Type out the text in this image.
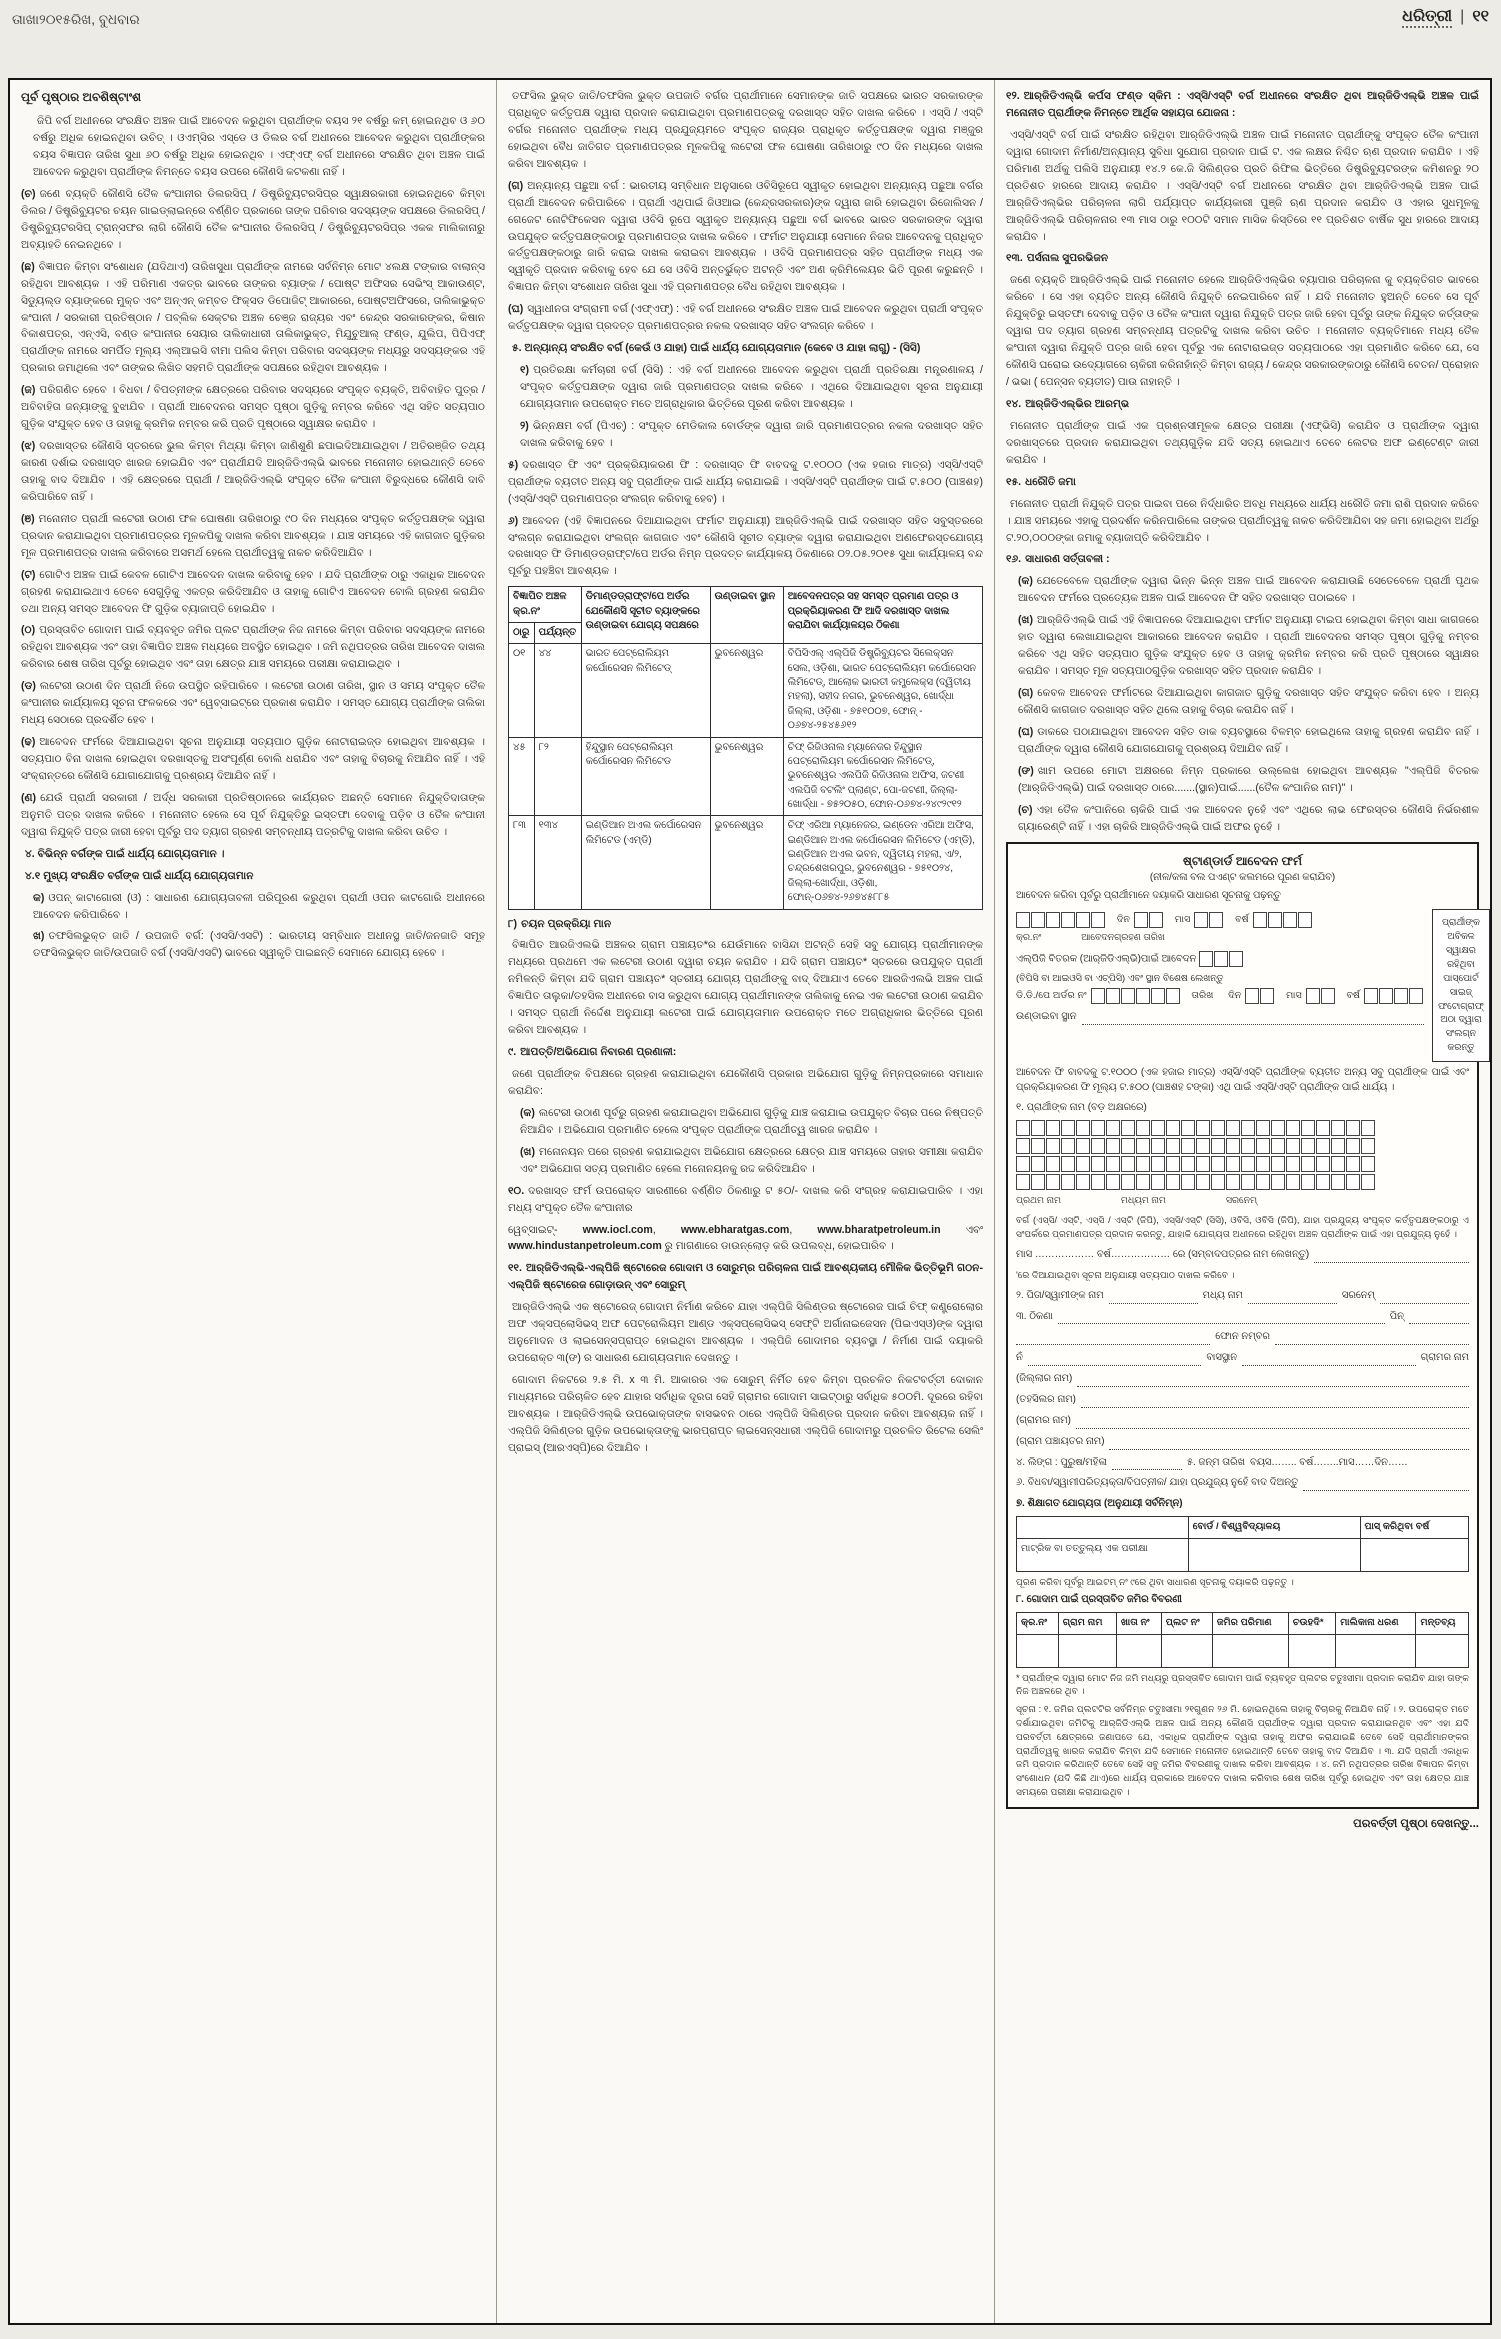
ତା୲ଖ୲୨୦୧୫ରିଖ, ବୁଧବାର	ଧରିତ୍ରୀ | ୧୧
ପୂର୍ବ ପୃଷ୍ଠାର ଅବଶିଷ୍ଟାଂଶ
ଜିପି ବର୍ଗ ଅଧୀନରେ ସଂରକ୍ଷିତ ଅଞ୍ଚଳ ପାଇଁ ଆବେଦନ କରୁଥିବା ପ୍ରାର୍ଥୀଙ୍କ ବୟସ ୨୧ ବର୍ଷରୁ କମ୍ ହୋଇନଥିବ ଓ ୬୦ ବର୍ଷରୁ ଅଧିକ ହୋଇନଥିବା ଉଚିତ୍ । ଓଏମ୍‌ସିର ଏସ୍‌ଡେ ଓ ଡିଲର ବର୍ଗ ଅଧୀନରେ ଆବେଦନ କରୁଥିବା ପ୍ରାର୍ଥୀଙ୍କର ବୟସ ବିଜ୍ଞାପନ ତାରିଖ ସୁଧା ୬୦ ବର୍ଷରୁ ଅଧିକ ହୋଇନଥିବ । ଏଫ୍‌ଏଫ୍ ବର୍ଗ ଅଧୀନରେ ସଂରକ୍ଷିତ ଥିବା ଅଞ୍ଚଳ ପାଇଁ ଆବେଦନ କରୁଥିବା ପ୍ରାର୍ଥୀଙ୍କ ନିମନ୍ତେ ବୟସ ଉପରେ କୌଣସି କଟକଣା ନାହିଁ ।
(ଚ) ଜଣେ ବ୍ୟକ୍ତି କୌଣସି ତୈଳ କଂପାନୀର ଡିଲରସିପ୍ / ଡିଷ୍ଟ୍ରିବ୍ୟୁଟରସିପ୍‌ର ସ୍ୱାକ୍ଷରକାରୀ ହୋଇନଥିବେ କିମ୍ବା ଡିଲର / ଡିଷ୍ଟ୍ରିବ୍ୟୁଟର ଚୟନ ଗାଇଡ୍‌ଲାଇନ୍‌ରେ ବର୍ଣ୍ଣିତ ପ୍ରକାରେ ତାଙ୍କ ପରିବାର ସଦସ୍ୟଙ୍କ ସପକ୍ଷରେ ଡିଲରସିପ୍ / ଡିଷ୍ଟ୍ରିବ୍ୟୁଟରସିପ୍ ଟ୍ରାନ୍ସଫର ଲାଗି କୌଣସି ତୈଳ କଂପାନୀର ଡିଲରସିପ୍ / ଡିଷ୍ଟ୍ରିବ୍ୟୁଟରସିପ୍‌ର ଏକକ ମାଲିକାନାରୁ ଅବ୍ୟାହତି ନେଇନଥିବେ ।
(ଛ) ବିଜ୍ଞାପନ କିମ୍ବା ସଂଶୋଧନ (ଯଦିଥାଏ) ତାରିଖସୁଧା ପ୍ରାର୍ଥୀଙ୍କ ନାମରେ ସର୍ବନିମ୍ନ ମୋଟ ୪ଲକ୍ଷ ଟଙ୍କାର ବାଲାନ୍ସ ରହିଥିବା ଆବଶ୍ୟକ । ଏହି ପରିମାଣ ଏକତ୍ର ଭାବରେ ତାଙ୍କର ବ୍ୟାଙ୍କ / ପୋଷ୍ଟ ଅଫିସର ସେଭିଂସ୍ ଆକାଉଣ୍ଟ, ସିଡ୍ୟୁଲ୍ଡ ବ୍ୟାଙ୍କରେ ମୁକ୍ତ ଏବଂ ଅନ୍‌ଏନ୍ କମ୍ବତ ଫିକ୍ସଡ ଡିପୋଜିଟ୍ ଆକାରରେ, ପୋଷ୍ଟଅଫିସରେ, ତାଲିକାଭୁକ୍ତ କଂପାନୀ / ସରକାରୀ ପ୍ରତିଷ୍ଠାନ / ପବ୍ଲିକ ସେକ୍ଟର ଅଞ୍ଚଳ ଚେଞ୍ଜ ରାଜ୍ୟର ଏବଂ କେନ୍ଦ୍ର ସରକାରଙ୍କର, କିଷାନ ବିକାଶପତ୍ର, ଏନ୍‌ଏସି, ବଣ୍ଡ କଂପାନୀର ସେୟାର ତାଲିକାଧାରୀ ତାଲିକାଭୁକ୍ତ, ମିଯୁଚୁଆଲ୍ ଫଣ୍ଡ, ଯୁଲିପ, ପିପିଏଫ୍ ପ୍ରାର୍ଥୀଙ୍କ ନାମରେ ସମର୍ପିତ ମୂଲ୍ୟ ଏଲ୍‌ଆଇସି ବୀମା ପଲିସ କିମ୍ବା ପରିବାର ସଦସ୍ୟଙ୍କ ମଧ୍ୟରୁ ସଦସ୍ୟଙ୍କର ଏହି ପ୍ରକାର ଜମାଥିଲେ ଏବଂ ତାଙ୍କର ଲିଖିତ ସହମତି ପ୍ରାର୍ଥୀଙ୍କ ସପକ୍ଷରେ ରହିଥିବା ଆବଶ୍ୟକ ।
(ଜ) ପରିଗଣିତ ହେବେ । ବିଧବା / ବିପତ୍ନୀଙ୍କ କ୍ଷେତ୍ରରେ ପରିବାର ସଦସ୍ୟରେ ସଂପୃକ୍ତ ବ୍ୟକ୍ତି, ଅବିବାହିତ ପୁତ୍ର / ଅବିବାହିତା ଜନ୍ୟାଙ୍କୁ ବୁଝାଯିବ । ପ୍ରାର୍ଥୀ ଆବେଦନର ସମସ୍ତ ପୃଷ୍ଠା ଗୁଡ଼ିକୁ ନମ୍ବର କରିବେ ଏଥି ସହିତ ସତ୍ୟପାଠ ଗୁଡ଼ିକ ସଂଯୁକ୍ତ ହେବ ଓ ତାହାକୁ କ୍ରମିକ ନମ୍ବର କରି ପ୍ରତି ପୃଷ୍ଠାରେ ସ୍ୱାକ୍ଷର କରାଯିବ ।
(ଝ) ଦରଖାସ୍ତର କୌଣସି ସ୍ତରରେ ଭୁଲ କିମ୍ବା ମିଥ୍ୟା କିମ୍ବା ଜାଣିଶୁଣି ଛପାଇଦିଆଯାଇଥିବା / ଅତିରଞ୍ଜିତ ତଥ୍ୟ କାରଣ ଦର୍ଶାଇ ଦରଖାସ୍ତ ଖାରଜ ହୋଇଯିବ ଏବଂ ପ୍ରାର୍ଥୀଯଦି ଆର୍‌ଜିଡିଏଲ୍ଭି ଭାବରେ ମନୋନୀତ ହୋଇଥାନ୍ତି ତେବେ ତାହାକୁ ବାଦ ଦିଆଯିବ । ଏହି କ୍ଷେତ୍ରରେ ପ୍ରାର୍ଥୀ / ଆର୍‌ଜିଡିଏଲ୍ଭି ସଂପୃକ୍ତ ତୈଳ କଂପାନୀ ବିରୁଦ୍ଧରେ କୌଣସି ଦାବି କରିପାରିବେ ନାହିଁ ।
(ଞ) ମନୋନୀତ ପ୍ରାର୍ଥୀ ଲଟେରୀ ଉଠାଣ ଫଳ ଘୋଷଣା ତାରିଖଠାରୁ ୯୦ ଦିନ ମଧ୍ୟରେ ସଂପୃକ୍ତ କର୍ତ୍ତୃପକ୍ଷଙ୍କ ଦ୍ୱାରା ପ୍ରଦାନ କରାଯାଇଥିବା ପ୍ରମାଣପତ୍ରର ମୂଳକପିକୁ ଦାଖଲ କରିବା ଆବଶ୍ୟକ । ଯାଞ୍ଚ ସମୟରେ ଏହି କାଗଜାତ ଗୁଡ଼ିକର ମୂଳ ପ୍ରମାଣପତ୍ର ଦାଖଲ କରିବାରେ ଅସମର୍ଥ ହେଲେ ପ୍ରାର୍ଥୀତ୍ୱକୁ ନାକଚ କରିଦିଆଯିବ ।
(ଟ) ଗୋଟିଏ ଅଞ୍ଚଳ ପାଇଁ କେବଳ ଗୋଟିଏ ଆବେଦନ ଦାଖଲ କରିବାକୁ ହେବ । ଯଦି ପ୍ରାର୍ଥୀଙ୍କ ଠାରୁ ଏକାଧିକ ଆବେଦନ ଗ୍ରହଣ କରାଯାଇଥାଏ ତେବେ ସେଗୁଡ଼ିକୁ ଏକତ୍ର କରିଦିଆଯିବ ଓ ତାହାକୁ ଗୋଟିଏ ଆବେଦନ ବୋଲି ଗ୍ରହଣ କରାଯିବ ତଥା ଅନ୍ୟ ସମସ୍ତ ଆବେଦନ ଫି ଗୁଡ଼ିକ ବ୍ୟାଜାପ୍ତି ହୋଇଯିବ ।
(ଠ) ପ୍ରସ୍ତାବିତ ଗୋଦାମ ପାଇଁ ବ୍ୟବହୃତ ଜମିର ପ୍ଲଟ ପ୍ରାର୍ଥୀଙ୍କ ନିଜ ନାମରେ କିମ୍ବା ପରିବାର ସଦସ୍ୟଙ୍କ ନାମରେ ରହିଥିବା ଆବଶ୍ୟକ ଏବଂ ତାହା ବିଜ୍ଞାପିତ ଅଞ୍ଚଳ ମଧ୍ୟରେ ଅବସ୍ଥିତ ହୋଇଥିବ । ଜମି ନଥିପତ୍ରର ତାରିଖ ଆବେଦନ ଦାଖଲ କରିବାର ଶେଷ ତାରିଖ ପୂର୍ବରୁ ହୋଇଥିବ ଏବଂ ତାହା କ୍ଷେତ୍ର ଯାଞ୍ଚ ସମୟରେ ପରୀକ୍ଷା କରାଯାଇଥିବ ।
(ଡ) ଲଟେରୀ ଉଠାଣ ଦିନ ପ୍ରାର୍ଥୀ ନିଜେ ଉପସ୍ଥିତ ରହିପାରିବେ । ଲଟେରୀ ଉଠାଣ ତାରିଖ, ସ୍ଥାନ ଓ ସମୟ ସଂପୃକ୍ତ ତୈଳ କଂପାନୀର କାର୍ଯ୍ୟାଳୟ ସୂଚନା ଫଳକରେ ଏବଂ ୱେବ୍‌ସାଇଟ୍‌ରେ ପ୍ରକାଶ କରାଯିବ । ସମସ୍ତ ଯୋଗ୍ୟ ପ୍ରାର୍ଥୀଙ୍କ ତାଲିକା ମଧ୍ୟ ସେଠାରେ ପ୍ରଦର୍ଶିତ ହେବ ।
(ଢ) ଆବେଦନ ଫର୍ମରେ ଦିଆଯାଇଥିବା ସୂଚନା ଅନୁଯାୟୀ ସତ୍ୟପାଠ ଗୁଡ଼ିକ ନୋଟାରାଇଜ୍ଡ ହୋଇଥିବା ଆବଶ୍ୟକ । ସତ୍ୟପାଠ ବିନା ଦାଖଲ ହୋଇଥିବା ଦରଖାସ୍ତକୁ ଅସଂପୂର୍ଣ୍ଣ ବୋଲି ଧରାଯିବ ଏବଂ ତାହାକୁ ବିଚାରକୁ ନିଆଯିବ ନାହିଁ । ଏହି ସଂକ୍ରାନ୍ତରେ କୌଣସି ଯୋଗାଯୋଗକୁ ପ୍ରଶ୍ରୟ ଦିଆଯିବ ନାହିଁ ।
(ଣ) ଯେଉଁ ପ୍ରାର୍ଥୀ ସରକାରୀ / ଅର୍ଦ୍ଧ ସରକାରୀ ପ୍ରତିଷ୍ଠାନରେ କାର୍ଯ୍ୟରତ ଅଛନ୍ତି ସେମାନେ ନିଯୁକ୍ତିଦାତାଙ୍କ ଅନୁମତି ପତ୍ର ଦାଖଲ କରିବେ । ମନୋନୀତ ହେଲେ ସେ ପୂର୍ବ ନିଯୁକ୍ତିରୁ ଇସ୍ତଫା ଦେବାକୁ ପଡ଼ିବ ଓ ତୈଳ କଂପାନୀ ଦ୍ୱାରା ନିଯୁକ୍ତି ପତ୍ର ଜାରୀ ହେବା ପୂର୍ବରୁ ପଦ ତ୍ୟାଗ ଗ୍ରହଣ ସମ୍ବନ୍ଧୀୟ ପତ୍ରଟିକୁ ଦାଖଲ କରିବା ଉଚିତ ।
୪. ବିଭିନ୍ନ ବର୍ଗଙ୍କ ପାଇଁ ଧାର୍ଯ୍ୟ ଯୋଗ୍ୟତାମାନ ।
୪.୧ ମୁଖ୍ୟ ସଂରକ୍ଷିତ ବର୍ଗଙ୍କ ପାଇଁ ଧାର୍ଯ୍ୟ ଯୋଗ୍ୟତାମାନ
କ) ଓପନ୍ କାଟାଗୋରୀ (ଓ) : ସାଧାରଣ ଯୋଗ୍ୟତାବଳୀ ପରିପୂରଣ କରୁଥିବା ପ୍ରାର୍ଥୀ ଓପନ କାଟଗୋରି ଅଧୀନରେ ଆବେଦନ କରିପାରିବେ ।
ଖ) ତଫସିଲଭୁକ୍ତ ଜାତି / ଉପଜାତି ବର୍ଗ: (ଏସସି/ଏସଟି) : ଭାରତୀୟ ସମ୍ବିଧାନ ଅଧୀନସ୍ଥ ଜାତି/ଜନଜାତି ସମୂହ ତଫସିଲଭୁକ୍ତ ଜାତି/ଉପଜାତି ବର୍ଗ (ଏସସି/ଏସଟି) ଭାବରେ ସ୍ୱୀକୃତି ପାଇଛନ୍ତି ସେମାନେ ଯୋଗ୍ୟ ହେବେ ।
ତଫସିଲ ଭୁକ୍ତ ଜାତି/ତଫସିଲ ଭୁକ୍ତ ଉପଜାତି ବର୍ଗର ପ୍ରାର୍ଥୀମାନେ ସେମାନଙ୍କ ଜାତି ସପକ୍ଷରେ ଭାରତ ସରକାରଙ୍କ ପ୍ରାଧିକୃତ କର୍ତ୍ତୃପକ୍ଷ ଦ୍ୱାରା ପ୍ରଦାନ କରାଯାଇଥିବା ପ୍ରମାଣପତ୍ରକୁ ଦରଖାସ୍ତ ସହିତ ଦାଖଲ କରିବେ । ଏସ୍ସି / ଏସ୍ଟି ବର୍ଗର ମନୋନୀତ ପ୍ରାର୍ଥୀଙ୍କ ମଧ୍ୟ ପ୍ରଯୁଜ୍ୟମତେ ସଂପୃକ୍ତ ରାଜ୍ୟର ପ୍ରାଧିକୃତ କର୍ତ୍ତୃପକ୍ଷଙ୍କ ଦ୍ୱାରା ମଞ୍ଜୁର ହୋଇଥିବା ବୈଧ ଜାତିଗତ ପ୍ରମାଣପତ୍ରର ମୂଳକପିକୁ ଲଟେରୀ ଫଳ ଘୋଷଣା ତାରିଖଠାରୁ ୯୦ ଦିନ ମଧ୍ୟରେ ଦାଖଲ କରିବା ଆବଶ୍ୟକ ।
(ଗ) ଅନ୍ୟାନ୍ୟ ପଛୁଆ ବର୍ଗ : ଭାରତୀୟ ସମ୍ବିଧାନ ଅନୁସାରେ ଓବିସିରୂପେ ସ୍ୱୀକୃତ ହୋଇଥିବା ଅନ୍ୟାନ୍ୟ ପଛୁଆ ବର୍ଗର ପ୍ରାର୍ଥୀ ଆବେଦନ କରିପାରିବେ । ପ୍ରାର୍ଥୀ ଏଥିପାଇଁ ଜିଓଆଇ (କେନ୍ଦ୍ରସରକାର)ଙ୍କ ଦ୍ୱାରା ଜାରି ହୋଇଥିବା ରିଜୋଲିସନ / ଗେଜେଟ ନୋଟିଫିକେସନ ଦ୍ୱାରା ଓବିସି ରୂପେ ସ୍ୱୀକୃତ ଅନ୍ୟାନ୍ୟ ପଛୁଆ ବର୍ଗ ଭାବରେ ଭାରତ ସରକାରଙ୍କ ଦ୍ୱାରା ଉପଯୁକ୍ତ କର୍ତ୍ତୃପକ୍ଷଙ୍କଠାରୁ ପ୍ରମାଣପତ୍ର ଦାଖଲ କରିବେ । ଫର୍ମାଟ ଅନୁଯାୟୀ ସେମାନେ ନିଜର ଆବେଦନକୁ ପ୍ରାଧିକୃତ କର୍ତ୍ତୃପକ୍ଷଙ୍କଠାରୁ ଜାରି କରାଇ ଦାଖଲ କରାଇବା ଆବଶ୍ୟକ । ଓବିସି ପ୍ରମାଣପତ୍ର ସହିତ ପ୍ରାର୍ଥୀଙ୍କ ମଧ୍ୟ ଏକ ସ୍ୱୀକୃତି ପ୍ରଦାନ କରିବାକୁ ହେବ ଯେ ସେ ଓବିସି ଅନ୍ତର୍ଭୁକ୍ତ ଅଟନ୍ତି ଏବଂ ଅଣ କ୍ରିମିଲେୟର ଭିତି ପୂରଣ କରୁଛନ୍ତି । ବିଜ୍ଞାପନ କିମ୍ବା ସଂଶୋଧନ ତାରିଖ ସୁଧା ଏହି ପ୍ରମାଣପତ୍ର ବୈଧ ରହିଥିବା ଆବଶ୍ୟକ ।
(ଘ) ସ୍ୱାଧୀନତା ସଂଗ୍ରାମୀ ବର୍ଗ (ଏଫ୍‌ଏଫ୍) : ଏହି ବର୍ଗ ଅଧୀନରେ ସଂରକ୍ଷିତ ଅଞ୍ଚଳ ପାଇଁ ଆବେଦନ କରୁଥିବା ପ୍ରାର୍ଥୀ ସଂପୃକ୍ତ କର୍ତ୍ତୃପକ୍ଷଙ୍କ ଦ୍ୱାରା ପ୍ରଦତ୍ତ ପ୍ରମାଣପତ୍ରର ନକଲ ଦରଖାସ୍ତ ସହିତ ସଂଲଗ୍ନ କରିବେ ।
୫. ଅନ୍ୟାନ୍ୟ ସଂରକ୍ଷିତ ବର୍ଗ (କେଉଁ ଓ ଯାହା) ପାଇଁ ଧାର୍ଯ୍ୟ ଯୋଗ୍ୟତାମାନ (କେବେ ଓ ଯାହା ଲାଗୁ) - (ସିସି)
୧) ପ୍ରତିରକ୍ଷା କର୍ମଚାରୀ ବର୍ଗ (ସିସି) : ଏହି ବର୍ଗ ଅଧୀନରେ ଆବେଦନ କରୁଥିବା ପ୍ରାର୍ଥୀ ପ୍ରତିରକ୍ଷା ମନ୍ତ୍ରଣାଳୟ / ସଂପୃକ୍ତ କର୍ତ୍ତୃପକ୍ଷଙ୍କ ଦ୍ୱାରା ଜାରି ପ୍ରମାଣପତ୍ର ଦାଖଲ କରିବେ । ଏଥିରେ ଦିଆଯାଇଥିବା ସୂଚନା ଅନୁଯାୟୀ ଯୋଗ୍ୟତାମାନ ଉପରୋକ୍ତ ମତେ ଅଗ୍ରାଧିକାର ଭିତ୍ତିରେ ପୂରଣ କରିବା ଆବଶ୍ୟକ ।
୨) ଭିନ୍ନକ୍ଷମ ବର୍ଗ (ପିଏଚ୍) : ସଂପୃକ୍ତ ମେଡିକାଲ ବୋର୍ଡଙ୍କ ଦ୍ୱାରା ଜାରି ପ୍ରମାଣପତ୍ରର ନକଲ ଦରଖାସ୍ତ ସହିତ ଦାଖଲ କରିବାକୁ ହେବ ।
୫) ଦରଖାସ୍ତ ଫି ଏବଂ ପ୍ରକ୍ରିୟାକରଣ ଫି : ଦରଖାସ୍ତ ଫି ବାବଦକୁ ଟ.୧୦୦୦ (ଏକ ହଜାର ମାତ୍ର) ଏସ୍ସି/ଏସ୍ଟି ପ୍ରାର୍ଥୀଙ୍କ ବ୍ୟତୀତ ଅନ୍ୟ ସବୁ ପ୍ରାର୍ଥୀଙ୍କ ପାଇଁ ଧାର୍ଯ୍ୟ କରାଯାଇଛି । ଏସ୍ସି/ଏସ୍ଟି ପ୍ରାର୍ଥୀଙ୍କ ପାଇଁ ଟ.୫୦୦ (ପାଞ୍ଚଶହ) (ଏସ୍ସି/ଏସ୍ଟି ପ୍ରମାଣପତ୍ର ସଂଲଗ୍ନ କରିବାକୁ ହେବ) ।
୬) ଆବେଦନ (ଏହି ବିଜ୍ଞାପନରେ ଦିଆଯାଇଥିବା ଫର୍ମାଟ ଅନୁଯାୟୀ) ଆର୍‌ଜିଡିଏଲ୍ଭି ପାଇଁ ଦରଖାସ୍ତ ସହିତ ସବୁସ୍ତରରେ ସଂଲଗ୍ନ କରାଯାଇଥିବା ସଂଲଗ୍ନ କାଗଜାତ ଏବଂ କୌଣସି ସୂଚୀତ ବ୍ୟାଙ୍କ ଦ୍ୱାରା କରାଯାଇଥିବା ଅଣଫେରସ୍ତଯୋଗ୍ୟ ଦରଖାସ୍ତ ଫି ଡିମାଣ୍ଡଡ୍ରାଫ୍ଟ/ପେ ଅର୍ଡର ନିମ୍ନ ପ୍ରଦତ୍ତ କାର୍ଯ୍ୟାଳୟ ଠିକଣାରେ ୦୨.୦୫.୨୦୧୫ ସୁଧା କାର୍ଯ୍ୟାଳୟ ବନ୍ଦ ପୂର୍ବରୁ ପହଞ୍ଚିବା ଆବଶ୍ୟକ ।
ବିଜ୍ଞାପିତ ଅଞ୍ଚଳ କ୍ର.ନଂ		ଡିମାଣ୍ଡଡ୍ରାଫ୍ଟ/ପେ ଅର୍ଡର ଯେକୌଣସି ସୂଚୀତ ବ୍ୟାଙ୍କରେ ଉଣ୍ଡାଇବା ଯୋଗ୍ୟ ସପକ୍ଷରେ	ଉଣ୍ଡାଇବା ସ୍ଥାନ	ଆବେଦନପତ୍ର ସହ ସମସ୍ତ ପ୍ରମାଣ ପତ୍ର ଓ ପ୍ରକ୍ରିୟାକରଣ ଫି ଆଦି ଦରଖାସ୍ତ ଦାଖଲ କରାଯିବା କାର୍ଯ୍ୟାଳୟର ଠିକଣା
ଠାରୁ	ପର୍ଯ୍ୟନ୍ତ			
୦୧	୪୪	ଭାରତ ପେଟ୍ରୋଲିୟମ କର୍ପୋରେସନ ଲିମିଟେଡ୍	ଭୁବନେଶ୍ୱର	ବିପିସିଏଲ୍ ଏଲ୍‌ପିଜି ଡିଷ୍ଟ୍ରିବ୍ୟୁଟର ସିଲେକ୍ସନ ସେଲ, ଓଡ଼ିଶା, ଭାରତ ପେଟ୍ରୋଲିୟମ କର୍ପୋରେସନ ଲିମିଟେଡ୍, ଆଲୋକ ଭାରତୀ କମ୍ପ୍ଲେକ୍ସ (ଦ୍ୱିତୀୟ ମହଲା), ସହୀଦ ନଗର, ଭୁବନେଶ୍ୱର, ଖୋର୍ଦ୍ଧା ଜିଲ୍ଲା, ଓଡ଼ିଶା - ୭୫୧୦୦୭, ଫୋନ୍ - ୦୬୭୪-୨୫୪୫୬୧୨
୪୫	୮୨	ହିନ୍ଦୁସ୍ଥାନ ପେଟ୍ରୋଲିୟମ କର୍ପୋରେସନ ଲିମିଟେଡ	ଭୁବନେଶ୍ୱର	ଚିଫ୍ ରିଜିଓନାଲ ମ୍ୟାନେଜର ହିନ୍ଦୁସ୍ଥାନ ପେଟ୍ରୋଲିୟମ କର୍ପୋରେସନ ଲିମିଟେଡ୍, ଭୁବନେଶ୍ୱର ଏଲପିଜି ରିଜିଓନାଲ ଅଫିସ, ଜଟଣୀ ଏଲପିଜି ବଟଲିଂ ପ୍ଲାଣ୍ଟ, ପୋ-ଜଟଣୀ, ଜିଲ୍ଲା-ଖୋର୍ଦ୍ଧା - ୭୫୨୦୫୦, ଫୋନ-୦୬୭୪-୨୪୯୨୯୧୨
୮୩	୧୩୪	ଇଣ୍ଡିଆନ ଅଏଲ କର୍ପୋରେସନ ଲିମିଟେଡ (ଏମ୍‌ଡି)	ଭୁବନେଶ୍ୱର	ଚିଫ୍ ଏରିଆ ମ୍ୟାନେଜର, ଇଣ୍ଡେନ ଏରିଆ ଅଫିସ, ଇଣ୍ଡିଆନ ଅଏଲ କର୍ପୋରେସନ ଲିମିଟେଡ (ଏମ୍‌ଡି), ଇଣ୍ଡିଆନ ଅଏଲ ଭବନ, ଦ୍ୱିତୀୟ ମହଲା, ଏ/୨, ଚନ୍ଦ୍ରଶେଖରପୁର, ଭୁବନେଶ୍ୱର - ୭୫୧୦୨୪, ଜିଲ୍ଲା-ଖୋର୍ଦ୍ଧା, ଓଡ଼ିଶା, ଫୋନ୍-୦୬୭୪-୨୬୭୪୫୮୮୫
୮) ଚୟନ ପ୍ରକ୍ରିୟା ମାନ
ବିଜ୍ଞାପିତ ଆରଜିଏଲଭି ଅଞ୍ଚଳର ଗ୍ରାମ ପଞ୍ଚାୟତ*ର ଯେଉଁମାନେ ବାସିନ୍ଦା ଅଟନ୍ତି ସେହି ସବୁ ଯୋଗ୍ୟ ପ୍ରାର୍ଥୀମାନଙ୍କ ମଧ୍ୟରେ ପ୍ରଥମେ ଏକ ଲଟେରୀ ଉଠାଣ ଦ୍ୱାରା ଚୟନ କରାଯିବ । ଯଦି ଗ୍ରାମ ପଞ୍ଚାୟତ* ସ୍ତରରେ ଉପଯୁକ୍ତ ପ୍ରାର୍ଥୀ ନମିଳନ୍ତି କିମ୍ବା ଯଦି ଗ୍ରାମ ପଞ୍ଚାୟତ* ସ୍ତରୀୟ ଯୋଗ୍ୟ ପ୍ରାର୍ଥୀଙ୍କୁ ବାଦ୍ ଦିଆଯାଏ ତେବେ ଆରଜିଏଲଭି ଅଞ୍ଚଳ ପାଇଁ ବିଜ୍ଞାପିତ ତାଲୁକା/ତହସିଲ ଅଧୀନରେ ବାସ କରୁଥିବା ଯୋଗ୍ୟ ପ୍ରାର୍ଥୀମାନଙ୍କ ତାଲିକାକୁ ନେଇ ଏକ ଲଟେରୀ ଉଠାଣ କରାଯିବ । ସମସ୍ତ ପ୍ରାର୍ଥୀ ନିର୍ଦ୍ଦେଶ ଅନୁଯାୟୀ ଲଟେରୀ ପାଇଁ ଯୋଗ୍ୟତାମାନ ଉପରୋକ୍ତ ମତେ ଅଗ୍ରାଧିକାର ଭିତ୍ତିରେ ପୂରଣ କରିବା ଆବଶ୍ୟକ ।
୯. ଆପତ୍ତି/ଅଭିଯୋଗ ନିବାରଣ ପ୍ରଣାଳୀ:
ଜଣେ ପ୍ରାର୍ଥୀଙ୍କ ବିପକ୍ଷରେ ଗ୍ରହଣ କରାଯାଇଥିବା ଯେକୌଣସି ପ୍ରକାର ଅଭିଯୋଗ ଗୁଡ଼ିକୁ ନିମ୍ନପ୍ରକାରେ ସମାଧାନ କରାଯିବ:
(କ) ଲଟେରୀ ଉଠାଣ ପୂର୍ବରୁ ଗ୍ରହଣ କରାଯାଇଥିବା ଅଭିଯୋଗ ଗୁଡ଼ିକୁ ଯାଞ୍ଚ କରାଯାଇ ଉପଯୁକ୍ତ ବିଚାର ପରେ ନିଷ୍ପତ୍ତି ନିଆଯିବ । ଅଭିଯୋଗ ପ୍ରମାଣିତ ହେଲେ ସଂପୃକ୍ତ ପ୍ରାର୍ଥୀଙ୍କ ପ୍ରାର୍ଥୀତ୍ୱ ଖାରଜ କରାଯିବ ।
(ଖ) ମନୋନୟନ ପରେ ଗ୍ରହଣ କରାଯାଇଥିବା ଅଭିଯୋଗ କ୍ଷେତ୍ରରେ କ୍ଷେତ୍ର ଯାଞ୍ଚ ସମୟରେ ତାହାର ସମୀକ୍ଷା କରାଯିବ ଏବଂ ଅଭିଯୋଗ ସତ୍ୟ ପ୍ରମାଣିତ ହେଲେ ମନୋନୟନକୁ ରଦ୍ଦ କରିଦିଆଯିବ ।
୧୦. ଦରଖାସ୍ତ ଫର୍ମ ଉପରୋକ୍ତ ସାରଣୀରେ ବର୍ଣ୍ଣିତ ଠିକଣାରୁ ଟ ୫୦/- ଦାଖଲ କରି ସଂଗ୍ରହ କରାଯାଇପାରିବ । ଏହା ମଧ୍ୟ ସଂପୃକ୍ତ ତୈଳ କଂପାନୀର
ୱେବ୍‌ସାଇଟ୍- www.iocl.com, www.ebharatgas.com, www.bharatpetroleum.in ଏବଂ www.hindustanpetroleum.com ରୁ ମାଗଣାରେ ଡାଉନ୍‌ଲୋଡ଼ କରି ଉପଲବ୍ଧ, ହୋଇପାରିବ ।
୧୧. ଆର୍‌ଜିଡିଏଲ୍ଭି-ଏଲ୍‌ପିଜି ଷ୍ଟୋରେଜ ଗୋଦାମ ଓ ସୋରୁମ୍‌ର ପରିଚାଳନା ପାଇଁ ଆବଶ୍ୟକୀୟ ମୌଳିକ ଭିତ୍ତିଭୂମି ଗଠନ- ଏଲ୍‌ପିଜି ଷ୍ଟୋରେଜ ଗୋଡ଼ାଉନ୍ ଏବଂ ସୋରୁମ୍
ଆର୍‌ଜିଡିଏଲ୍ଭି ଏକ ଷ୍ଟୋରେଜ୍ ଗୋଦାମ ନିର୍ମାଣ କରିବେ ଯାହା ଏଲ୍‌ପିଜି ସିଲିଣ୍ଡର ଷ୍ଟୋରେଜ ପାଇଁ ଚିଫ୍ କଣ୍ଟ୍ରୋଲୋର ଅଫ ଏକ୍ସପ୍ଲୋସିଭସ୍ ଅଫ ପେଟ୍ରୋଲିୟମ ଆଣ୍ଡ ଏକ୍ସପ୍ଲୋସିଭସ୍ ସେଫ୍ଟି ଅର୍ଗାନାଇଜେସନ (ପିଇଏସ୍ଓ)ଙ୍କ ଦ୍ୱାରା ଅନୁମୋଦନ ଓ ଲାଇସେନ୍ସପ୍ରାପ୍ତ ହୋଇଥିବା ଆବଶ୍ୟକ । ଏଲ୍‌ପିଜି ଗୋଦାମର ବ୍ୟବସ୍ଥା / ନିର୍ମାଣ ପାଇଁ ଦୟାକରି ଉପରୋକ୍ତ ୩(ଙ) ର ସାଧାରଣ ଯୋଗ୍ୟତାମାନ ଦେଖନ୍ତୁ ।
ଗୋଦାମ ନିକଟରେ ୨.୫ ମି. x ୩ ମି. ଆକାରର ଏକ ସୋରୁମ୍ ନିର୍ମିତ ହେବ କିମ୍ବା ପ୍ରଚଳିତ ନିକଟବର୍ତ୍ତୀ ଦୋକାନ ମାଧ୍ୟମରେ ପରିଚାଳିତ ହେବ ଯାହାର ସର୍ବାଧିକ ଦୂରତା ସେହି ଗ୍ରାମର ଗୋଦାମ ସାଇଟ୍‌ଠାରୁ ସର୍ବାଧିକ ୫୦୦ମି. ଦୂରରେ ରହିବା ଆବଶ୍ୟକ । ଆର୍‌ଜିଡିଏଲ୍ଭି ଉପଭୋକ୍ତାଙ୍କ ବାସଭବନ ଠାରେ ଏଲ୍‌ପିଜି ସିଲିଣ୍ଡର ପ୍ରଦାନ କରିବା ଆବଶ୍ୟକ ନାହିଁ । ଏଲ୍‌ପିଜି ସିଲିଣ୍ଡର ଗୁଡ଼ିକ ଉପଭୋକ୍ତାଙ୍କୁ ଭାରପ୍ରାପ୍ତ ଲାଇସେନ୍ସଧାରୀ ଏଲ୍‌ପିଜି ଗୋଦାମରୁ ପ୍ରଚଳିତ ରିଟେଲ ସେଲିଂ ପ୍ରାଇସ୍ (ଆରଏସ୍‌ପି)ରେ ଦିଆଯିବ ।
୧୨. ଆର୍‌ଜିଡିଏଲ୍ଭି କର୍ପସ ଫଣ୍ଡ ସ୍କିମ : ଏସ୍ସି/ଏସ୍ଟି ବର୍ଗ ଅଧୀନରେ ସଂରକ୍ଷିତ ଥିବା ଆର୍‌ଜିଡିଏଲ୍ଭି ଅଞ୍ଚଳ ପାଇଁ ମନୋନୀତ ପ୍ରାର୍ଥୀଙ୍କ ନିମନ୍ତେ ଆର୍ଥିକ ସହାୟତା ଯୋଜନା :
ଏସ୍ସି/ଏସ୍ଟି ବର୍ଗ ପାଇଁ ସଂରକ୍ଷିତ ରହିଥିବା ଆର୍‌ଜିଡିଏଲ୍ଭି ଅଞ୍ଚଳ ପାଇଁ ମନୋନୀତ ପ୍ରାର୍ଥୀଙ୍କୁ ସଂପୃକ୍ତ ତୈଳ କଂପାନୀ ଦ୍ୱାରା ଗୋଦାମ ନିର୍ମାଣ/ଅନ୍ୟାନ୍ୟ ସୁବିଧା ସୁଯୋଗ ପ୍ରଦାନ ପାଇଁ ଟ. ଏକ ଲକ୍ଷର ନିଶ୍ଚିତ ଋଣ ପ୍ରଦାନ କରାଯିବ । ଏହି ପରିମାଣ ଅର୍ଥକୁ ପଲିସି ଅନୁଯାୟୀ ୧୪.୨ କେ.ଜି ସିଲିଣ୍ଡର ପ୍ରତି ରିଫିଲ ଭିତ୍ତିରେ ଡିଷ୍ଟ୍ରିବ୍ୟୁଟରଙ୍କ କମିଶନରୁ ୨୦ ପ୍ରତିଶତ ହାରରେ ଆଦାୟ କରାଯିବ । ଏସ୍ସି/ଏସ୍ଟି ବର୍ଗ ଅଧୀନରେ ସଂରକ୍ଷିତ ଥିବା ଆର୍‌ଜିଡିଏଲ୍ଭି ଅଞ୍ଚଳ ପାଇଁ ଆର୍‌ଜିଡିଏଲ୍ଭିର ପରିଚାଳନା ଲାଗି ପର୍ଯ୍ୟାପ୍ତ କାର୍ଯ୍ୟକାରୀ ପୁଞ୍ଜି ଋଣ ପ୍ରଦାନ କରାଯିବ ଓ ଏହାର ସୁଧମୂଳକୁ ଆର୍‌ଜିଡିଏଲ୍ଭି ପରିଚାଳନାର ୧୩ ମାସ ଠାରୁ ୧୦୦ଟି ସମାନ ମାସିକ କିସ୍ତିରେ ୧୧ ପ୍ରତିଶତ ବାର୍ଷିକ ସୁଧ ହାରରେ ଆଦାୟ କରାଯିବ ।
୧୩. ପର୍ସନାଲ ସୁପରଭିଜନ
ଜଣେ ବ୍ୟକ୍ତି ଆର୍‌ଜିଡିଏଲ୍ଭି ପାଇଁ ମନୋନୀତ ହେଲେ ଆର୍‌ଜିଡିଏଲ୍ଭିର ବ୍ୟାପାର ପରିଚାଳନା କୁ ବ୍ୟକ୍ତିଗତ ଭାବରେ କରିବେ । ସେ ଏହା ବ୍ୟତିତ ଅନ୍ୟ କୌଣସି ନିଯୁକ୍ତି ନେଇପାରିବେ ନାହିଁ । ଯଦି ମନୋନୀତ ହୁଅନ୍ତି ତେବେ ସେ ପୂର୍ବ ନିଯୁକ୍ତିରୁ ଇସ୍ତଫା ଦେବାକୁ ପଡ଼ିବ ଓ ତୈଳ କଂପାନୀ ଦ୍ୱାରା ନିଯୁକ୍ତି ପତ୍ର ଜାରି ହେବା ପୂର୍ବରୁ ତାଙ୍କ ନିଯୁକ୍ତ କର୍ତ୍ତାଙ୍କ ଦ୍ୱାରା ପଦ ତ୍ୟାଗ ଗ୍ରହଣ ସମ୍ବନ୍ଧୀୟ ପତ୍ରଟିକୁ ଦାଖଲ କରିବା ଉଚିତ । ମନୋନୀତ ବ୍ୟକ୍ତିମାନେ ମଧ୍ୟ ତୈଳ କଂପାନୀ ଦ୍ୱାରା ନିଯୁକ୍ତି ପତ୍ର ଜାରି ହେବା ପୂର୍ବରୁ ଏକ ନୋଟାରାଇଜ୍ଡ ସତ୍ୟପାଠରେ ଏହା ପ୍ରମାଣିତ କରିବେ ଯେ, ସେ କୌଣସି ଘରୋଇ ଉଦ୍ୟୋଗରେ ଚାକିରୀ କରିନାହାଁନ୍ତି କିମ୍ବା ରାଜ୍ୟ / କେନ୍ଦ୍ର ସରକାରଙ୍କଠାରୁ କୌଣସି ବେତନ/ ପ୍ରୋହାନ / ଭଭା ( ପେନ୍‌ସନ ବ୍ୟତୀତ) ପାଉ ନାହାନ୍ତି ।
୧୪. ଆର୍‌ଜିଡିଏଲ୍ଭିର ଆରମ୍ଭ
ମନୋନୀତ ପ୍ରାର୍ଥୀଙ୍କ ପାଇଁ ଏକ ପ୍ରଶ୍ନସୀମୂଳକ କ୍ଷେତ୍ର ପରୀକ୍ଷା (ଏଫ୍‌ଭିସି) କରାଯିବ ଓ ପ୍ରାର୍ଥୀଙ୍କ ଦ୍ୱାରା ଦରଖାସ୍ତରେ ପ୍ରଦାନ କରାଯାଇଥିବା ତଥ୍ୟଗୁଡ଼ିକ ଯଦି ସତ୍ୟ ହୋଇଥାଏ ତେବେ ଲେଟର ଅଫ ଇଣ୍ଟେଣ୍ଟ ଜାରୀ କରାଯିବ ।
୧୫. ଧରୌତି ଜମା
ମନୋନୀତ ପ୍ରାର୍ଥୀ ନିଯୁକ୍ତି ପତ୍ର ପାଇବା ପରେ ନିର୍ଦ୍ଧାରିତ ଅବଧି ମଧ୍ୟରେ ଧାର୍ଯ୍ୟ ଧରୌତି ଜମା ରାଶି ପ୍ରଦାନ କରିବେ । ଯାଞ୍ଚ ସମୟରେ ଏହାକୁ ପ୍ରଦର୍ଶନ କରିନପାରିଲେ ତାଙ୍କର ପ୍ରାର୍ଥୀତ୍ୱକୁ ନାକଚ କରିଦିଆଯିବା ସହ ଜମା ହୋଇଥିବା ଅର୍ଥରୁ ଟ.୨୦,୦୦୦ଙ୍କା ଜମାକୁ ବ୍ୟାଜାପ୍ତି କରିଦିଆଯିବ ।
୧୬. ସାଧାରଣ ସର୍ତ୍ତାବଳୀ :
(କ) ଯେତେବେଳେ ପ୍ରାର୍ଥୀଙ୍କ ଦ୍ୱାରା ଭିନ୍ନ ଭିନ୍ନ ଅଞ୍ଚଳ ପାଇଁ ଆବେଦନ କରାଯାଉଛି ସେତେବେଳେ ପ୍ରାର୍ଥୀ ପୃଥକ ଆବେଦନ ଫର୍ମରେ ପ୍ରତ୍ୟେକ ଅଞ୍ଚଳ ପାଇଁ ଆବେଦନ ଫି ସହିତ ଦରଖାସ୍ତ ପଠାଇବେ ।
(ଖ) ଆର୍‌ଜିଡିଏଲ୍ଭି ପାଇଁ ଏହି ବିଜ୍ଞାପନରେ ଦିଆଯାଇଥିବା ଫର୍ମାଟ ଅନୁଯାୟୀ ଟାଇପ ହୋଇଥିବା କିମ୍ବା ସାଧା କାଗଜରେ ହାତ ଦ୍ୱାରା ଲେଖାଯାଇଥିବା ଆକାରରେ ଆବେଦନ କରାଯିବ । ପ୍ରାର୍ଥୀ ଆବେଦନର ସମସ୍ତ ପୃଷ୍ଠା ଗୁଡ଼ିକୁ ନମ୍ବର କରିବେ ଏଥି ସହିତ ସତ୍ୟପାଠ ଗୁଡ଼ିକ ସଂଯୁକ୍ତ ହେବ ଓ ତାହାକୁ କ୍ରମିକ ନମ୍ବର କରି ପ୍ରତି ପୃଷ୍ଠାରେ ସ୍ୱାକ୍ଷର କରାଯିବ । ସମସ୍ତ ମୂଳ ସତ୍ୟପାଠଗୁଡ଼ିକ ଦରଖାସ୍ତ ସହିତ ପ୍ରଦାନ କରାଯିବ ।
(ଗ) କେବଳ ଆବେଦନ ଫର୍ମାଟରେ ଦିଆଯାଇଥିବା କାଗଜାତ ଗୁଡ଼ିକୁ ଦରଖାସ୍ତ ସହିତ ସଂଯୁକ୍ତ କରିବା ହେବ । ଅନ୍ୟ କୌଣସି କାଗଜାତ ଦରଖାସ୍ତ ସହିତ ଥିଲେ ତାହାକୁ ବିଚାର କରାଯିବ ନାହିଁ ।
(ଘ) ଡାକରେ ପଠାଯାଇଥିବା ଆବେଦନ ସହିତ ଡାକ ବ୍ୟବସ୍ଥାରେ ବିଳମ୍ବ ହୋଇଥିଲେ ତାହାକୁ ଗ୍ରହଣ କରାଯିବ ନାହିଁ । ପ୍ରାର୍ଥୀଙ୍କ ଦ୍ୱାରା କୌଣସି ଯୋଗଯୋଗକୁ ପ୍ରଶ୍ରୟ ଦିଆଯିବ ନାହିଁ ।
(ଙ) ଖାମ ଉପରେ ମୋଟା ଅକ୍ଷରରେ ନିମ୍ନ ପ୍ରକାରେ ଉଲ୍ଲେଖ ହୋଇଥିବା ଆବଶ୍ୟକ "ଏଲ୍‌ପିଜି ବିତରକ (ଆର୍‌ଜିଡିଏଲ୍ଭି) ପାଇଁ ଦରଖାସ୍ତ ଠାରେ.......(ସ୍ଥାନ)ପାଇଁ......(ତୈଳ କଂପାନିର ନାମ)" ।
(ଚ) ଏହା ତୈଳ କଂପାନିରେ ଚାକିରି ପାଇଁ ଏକ ଆବେଦନ ନୁହେଁ ଏବଂ ଏଥିରେ ଲାଭ ଫେରସ୍ତର କୌଣସି ନିର୍ଭରଶୀଳ ଗ୍ୟାରେଣ୍ଟି ନାହିଁ । ଏହା ଚାକିରି ଆର୍‌ଜିଡିଏଲ୍ଭି ପାଇଁ ଅଫର ନୁହେଁ ।
ଷ୍ଟାଣ୍ଡାର୍ଡ ଆବେଦନ ଫର୍ମ
(ନୀଳ/କଳା ବଲ ପଏଣ୍ଟ କଲମରେ ପୂରଣ କରାଯିବ)
ଆବେଦନ କରିବା ପୂର୍ବରୁ ପ୍ରାର୍ଥୀମାନେ ଦୟାକରି ସାଧାରଣ ସୂଚନାକୁ ପଢ଼ନ୍ତୁ
ଦିନ	ମାସ	ବର୍ଷ
କ୍ର.ନଂ	ଆବେଦନଗ୍ରହଣ ତାରିଖ
ଏଲ୍‌ପିଜି ବିତରକ (ଆର୍‌ଜିଡିଏଲ୍ଭି)ପାଇଁ ଆବେଦନ
(ବିପିସି ବା ଆଇଓସି ବା ଏଚ୍‌ପିସି) ଏବଂ ସ୍ଥାନ ବିଶେଷ ଲେଖନ୍ତୁ
ଡି.ଡି./ପେ ଅର୍ଡର ନଂ	ତାରିଖ ଦିନ	ମାସ	ବର୍ଷ
ଉଣ୍ଡାଇବା ସ୍ଥାନ
ପ୍ରାର୍ଥୀଙ୍କ ଅବିକଳ ସ୍ୱାକ୍ଷର ରହିଥିବା ପାସ୍‌ପୋର୍ଟ ସାଇଜ୍ ଫଟୋଗ୍ରାଫ୍ ଅଠା ଦ୍ୱାରା ସଂଲଗ୍ନ କରନ୍ତୁ
ଆବେଦନ ଫି ବାବଦକୁ ଟ.୧୦୦୦ (ଏକ ହଜାର ମାତ୍ର) ଏସ୍ସି/ଏସ୍ଟି ପ୍ରାର୍ଥୀଙ୍କ ବ୍ୟତୀତ ଅନ୍ୟ ସବୁ ପ୍ରାର୍ଥୀଙ୍କ ପାଇଁ ଏବଂ ପ୍ରକ୍ରିୟାକରଣ ଫି ମୂଲ୍ୟ ଟ.୫୦୦ (ପାଞ୍ଚଶହ ଟଙ୍କା) ଏଥି ପାଇଁ ଏସ୍ସି/ଏସ୍ଟି ପ୍ରାର୍ଥୀଙ୍କ ପାଇଁ ଧାର୍ଯ୍ୟ ।
୧. ପ୍ରାର୍ଥୀଙ୍କ ନାମ (ବଡ଼ ଅକ୍ଷରରେ)
ପ୍ରଥମ ନାମ	ମଧ୍ୟମ ନାମ	ସରନେମ୍
ବର୍ଗ (ଏସ୍ସି/ ଏସ୍ଟି, ଏସ୍ସି / ଏସ୍ଟି (ଜିପି), ଏସ୍‌ସି/ଏସ୍ଟି (ସିସି), ଓବିସି, ଓବିସି (ଜିପି), ଯାହା ପ୍ରଯୁଜ୍ୟ ସଂପୃକ୍ତ କର୍ତ୍ତୃପକ୍ଷଙ୍କଠାରୁ ଏ ସଂପର୍କରେ ପ୍ରମାଣପତ୍ର ପ୍ରଦାନ କରନ୍ତୁ, ଯାହାକି ଯୋଗ୍ୟତା ଅଧୀନରେ ରହିଥିବା ଅଞ୍ଚଳ ପ୍ରାର୍ଥୀଙ୍କ ପାଇଁ ଏହା ପ୍ରଯୁଜ୍ୟ ନୁହେଁ ।
ମାସ ……………… ବର୍ଷ……………… ରେ (ସମ୍ବାଦପତ୍ରର ନାମ ଲେଖନ୍ତୁ)
'ରେ ଦିଆଯାଇଥିବା ସୂଚନା ଅନୁଯାୟୀ ସତ୍ୟପାଠ ଦାଖଲ କରିବେ ।
୨. ପିତା/ସ୍ୱାମୀଙ୍କ ନାମ	ମଧ୍ୟ ନାମ	ସରନେମ୍
୩. ଠିକଣା	ପିନ୍
ଫୋନ ନମ୍ବର
ନଁ	ବାସସ୍ଥାନ	ଗ୍ରାମର ନାମ
(ଜିଲ୍ଲାର ନାମ)
(ତହସିଲର ନାମ)
(ଗ୍ରାମର ନାମ)
(ଗ୍ରାମ ପଞ୍ଚାୟତର ନାମ)
୪. ଲିଙ୍ଗ : ପୁରୁଷ/ମହିଳା	୫. ଜନ୍ମ ତାରିଖ ବୟସ…….. ବର୍ଷ……..ମାସ……ଦିନ……
୬. ବିଧବା/ସ୍ୱାମୀପରିତ୍ୟକ୍ତା/ବିପତ୍ନୀକ/ ଯାହା ପ୍ରଯୁଜ୍ୟ ନୁହେଁ ବାଦ ଦିଅନ୍ତୁ
୭. ଶିକ୍ଷାଗତ ଯୋଗ୍ୟତା (ଅନୁଯାୟୀ ସର୍ବନିମ୍ନ)
	ବୋର୍ଡ / ବିଶ୍ୱବିଦ୍ୟାଳୟ	ପାସ୍ କରିଥିବା ବର୍ଷ
ମାଟ୍ରିକ ବା ତତ୍ତୁଲ୍ୟ ଏକ ପରୀକ୍ଷା		
ପୂରଣ କରିବା ପୂର୍ବରୁ ଆଇଟମ୍ ନଂ ୯ରେ ଥିବା ସାଧାରଣ ସୂଚନାକୁ ଦୟାକରି ପଢ଼ନ୍ତୁ ।
୮. ଗୋଦାମ ପାଇଁ ପ୍ରସ୍ତାବିତ ଜମିର ବିବରଣୀ
କ୍ର.ନଂ	ଗ୍ରାମ ନାମ	ଖାତା ନଂ	ପ୍ଲଟ ନଂ	ଜମିର ପରିମାଣ	ଚଉହଦି*	ମାଲିକାନା ଧରଣ	ମନ୍ତବ୍ୟ

* ପ୍ରାର୍ଥୀଙ୍କ ଦ୍ୱାରା ମୋଟ ନିଜ ଜମି ମଧ୍ୟରୁ ପ୍ରସ୍ତାବିତ ଗୋଦାମ ପାଇଁ ବ୍ୟବହୃତ ପ୍ଲଟର ଚତୁଃସୀମା ପ୍ରଦାନ କରାଯିବ ଯାହା ତାଙ୍କ ନିଜ ଅଞ୍ଚଳରେ ଥିବ ।
ସୂଚନା : ୧. ଜମିର ପ୍ଲଟଟିର ସର୍ବନିମ୍ନ ଚତୁଃସୀମା ୨୧ଗୁଣନ ୨୬ ମି. ହୋଇନଥିଲେ ତାହାକୁ ବିଚାରକୁ ନିଆଯିବ ନାହିଁ । ୨. ଉପରୋକ୍ତ ମତେ ଦର୍ଶାଯାଇଥିବା ଜମିଟିକୁ ଆର୍‌ଜିଡିଏଲ୍ଭି ଅଞ୍ଚଳ ପାଇଁ ଅନ୍ୟ କୌଣସି ପ୍ରାର୍ଥୀଙ୍କ ଦ୍ୱାରା ପ୍ରଦାନ କରାଯାଇନଥିବ ଏବଂ ଏହା ଯଦି ପରବର୍ତ୍ତୀ କ୍ଷେତ୍ରରେ ଜଣାପଡେ ଯେ, ଏକାଧିକ ପ୍ରାର୍ଥୀଙ୍କ ଦ୍ୱାରା ତାହାକୁ ଅଫର କରାଯାଇଛି ତେବେ ସେହି ପ୍ରାର୍ଥୀମାନଙ୍କର ପ୍ରାର୍ଥୀତ୍ୱକୁ ଖାରଜ କରାଯିବ କିମ୍ବା ଯଦି ସେମାନେ ମନୋନୀତ ହୋଇଥାନ୍ତି ତେବେ ତାହାକୁ ବାଦ ଦିଆଯିବ । ୩. ଯଦି ପ୍ରାର୍ଥୀ ଏକାଧିକ ଜମି ପ୍ରଦାନ କରିଥାନ୍ତି ତେବେ ସେହି ସବୁ ଜମିର ବିବରଣୀକୁ ଦାଖଲ କରିବା ଆବଶ୍ୟକ । ୪. ଜମି ନଥିପତ୍ରର ତାରିଖ ବିଜ୍ଞାପନ କିମ୍ବା ସଂଶୋଧନ (ଯଦି କିଛି ଥାଏ)ରେ ଧାର୍ଯ୍ୟ ପ୍ରକାରେ ଆବେଦନ ଦାଖଲ କରିବାର ଶେଷ ତାରିଖ ପୂର୍ବରୁ ହୋଇଥିବ ଏବଂ ତାହା କ୍ଷେତ୍ର ଯାଞ୍ଚ ସମୟରେ ପରୀକ୍ଷା କରାଯାଇଥିବ ।
ପରବର୍ତ୍ତୀ ପୃଷ୍ଠା ଦେଖନ୍ତୁ...
